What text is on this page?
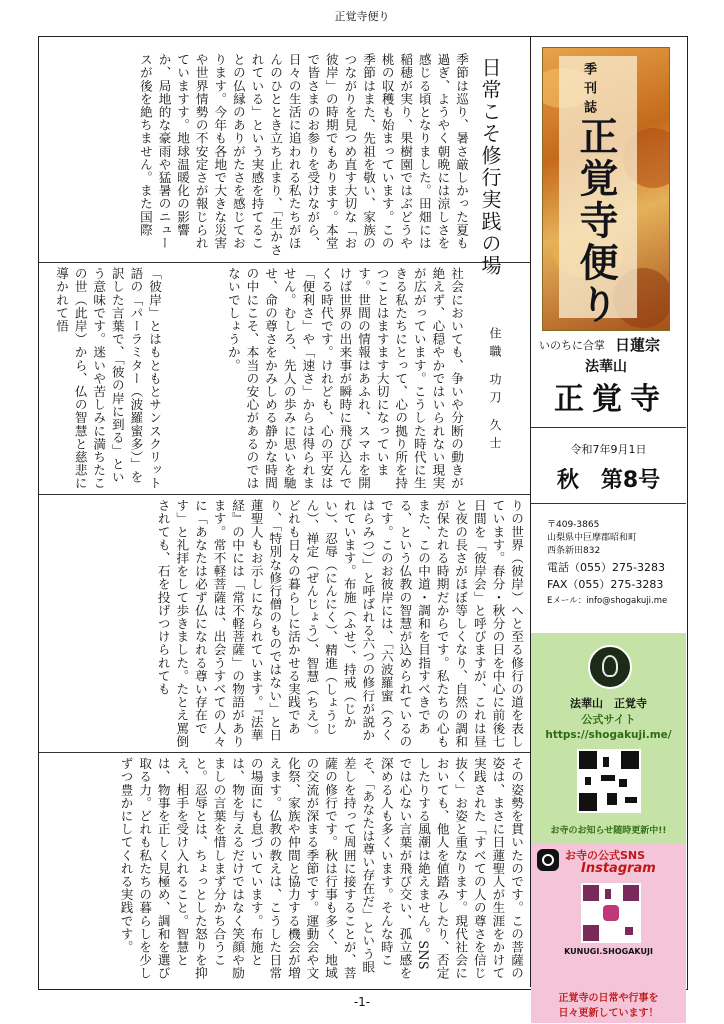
正覚寺便り
日常こそ修行実践の場
住職 功刀 久士
季節は巡り、暑さ厳しかった夏も過ぎ、ようやく朝晩には涼しさを感じる頃となりました。田畑には稲穂が実り、果樹園ではぶどうや桃の収穫も始まっています。この季節はまた、先祖を敬い、家族のつながりを見つめ直す大切な「お彼岸」の時期でもあります。本堂で皆さまのお参りを受けながら、日々の生活に追われる私たちがほんのひととき立ち止まり、「生かされている」という実感を持てることの仏縁のありがたさを感じております。今年も各地で大きな災害や世界情勢の不安定さが報じられていますす。地球温暖化の影響か、局地的な豪雨や猛暑のニュースが後を絶ちません。また国際
社会においても、争いや分断の動きが絶えず、心穏やかではいられない現実が広がっています。こうした時代に生きる私たちにとって、心の拠り所を持つことはますます大切になっています。世間の情報はあふれ、スマホを開けば世界の出来事が瞬時に飛び込んでくる時代です。けれども、心の平安は「便利さ」や「速さ」からは得られません。むしろ、先人の歩みに思いを馳せ、命の尊さをかみしめる静かな時間の中にこそ、本当の安心があるのではないでしょうか。
「彼岸」とはもともとサンスクリット語の「パーラミター（波羅蜜多）」を訳した言葉で、「彼の岸に到る」という意味です。迷いや苦しみに満ちたこの世（此岸）から、仏の智慧と慈悲に導かれて悟
りの世界（彼岸）へと至る修行の道を表しています。春分・秋分の日を中心に前後七日間を「彼岸会」と呼びますが、これは昼と夜の長さがほぼ等しくなり、自然の調和が保たれる時期だからです。私たちの心もまた、この中道・調和を目指すべきである、という仏教の智慧が込められているのです。このお彼岸には、「六波羅蜜（ろくはらみつ）」と呼ばれる六つの修行が説かれています。布施（ふせ）、持戒（じかい）、忍辱（にんにく）、精進（しょうじん）、禅定（ぜんじょう）、智慧（ちえ）。どれも日々の暮らしに活かせる実践であり、「特別な修行僧のものではない」と日蓮聖人もお示しになられています。『法華経』の中には「常不軽菩薩」の物語があります。常不軽菩薩は、出会うすべての人々に「あなたは必ず仏になれる尊い存在です」と礼拝をして歩きました。たとえ罵倒されても、石を投げつけられても
その姿勢を貫いたのです。この菩薩の姿は、まさに日蓮聖人が生涯をかけて実践された「すべての人の尊さを信じ抜く」お姿と重なります。現代社会においても、他人を値踏みしたり、否定したりする風潮は絶えません。SNSでは心ない言葉が飛び交い、孤立感を深める人も多くいます。そんな時こそ、「あなたは尊い存在だ」という眼差しを持って周囲に接することが、菩薩の修行です。秋は行事も多く、地域の交流が深まる季節です。運動会や文化祭、家族や仲間と協力する機会が増えます。仏教の教えは、こうした日常の場面にも息づいています。布施とは、物を与えるだけではなく笑顔や励ましの言葉を惜しまず分かち合うこと。忍辱とは、ちょっとした怒りを抑え、相手を受け入れること。智慧とは、物事を正しく見極め、調和を選び取る力。どれも私たちの暮らしを少しずつ豊かにしてくれる実践です。
季刊誌
正覚寺便り
いのちに合掌 日蓮宗
法華山
正覚寺
令和7年9月1日
秋　第8号
〒409-3865
山梨県中巨摩郡昭和町
西条新田832
電話（055）275-3283
FAX（055）275-3283
Eメール：info@shogakuji.me
法華山　正覚寺
公式サイト
https://shogakuji.me/
お寺のお知らせ随時更新中!!
お寺の公式SNS
Instagram
KUNUGI.SHOGAKUJI
正覚寺の日常や行事を
日々更新しています！
-1-
